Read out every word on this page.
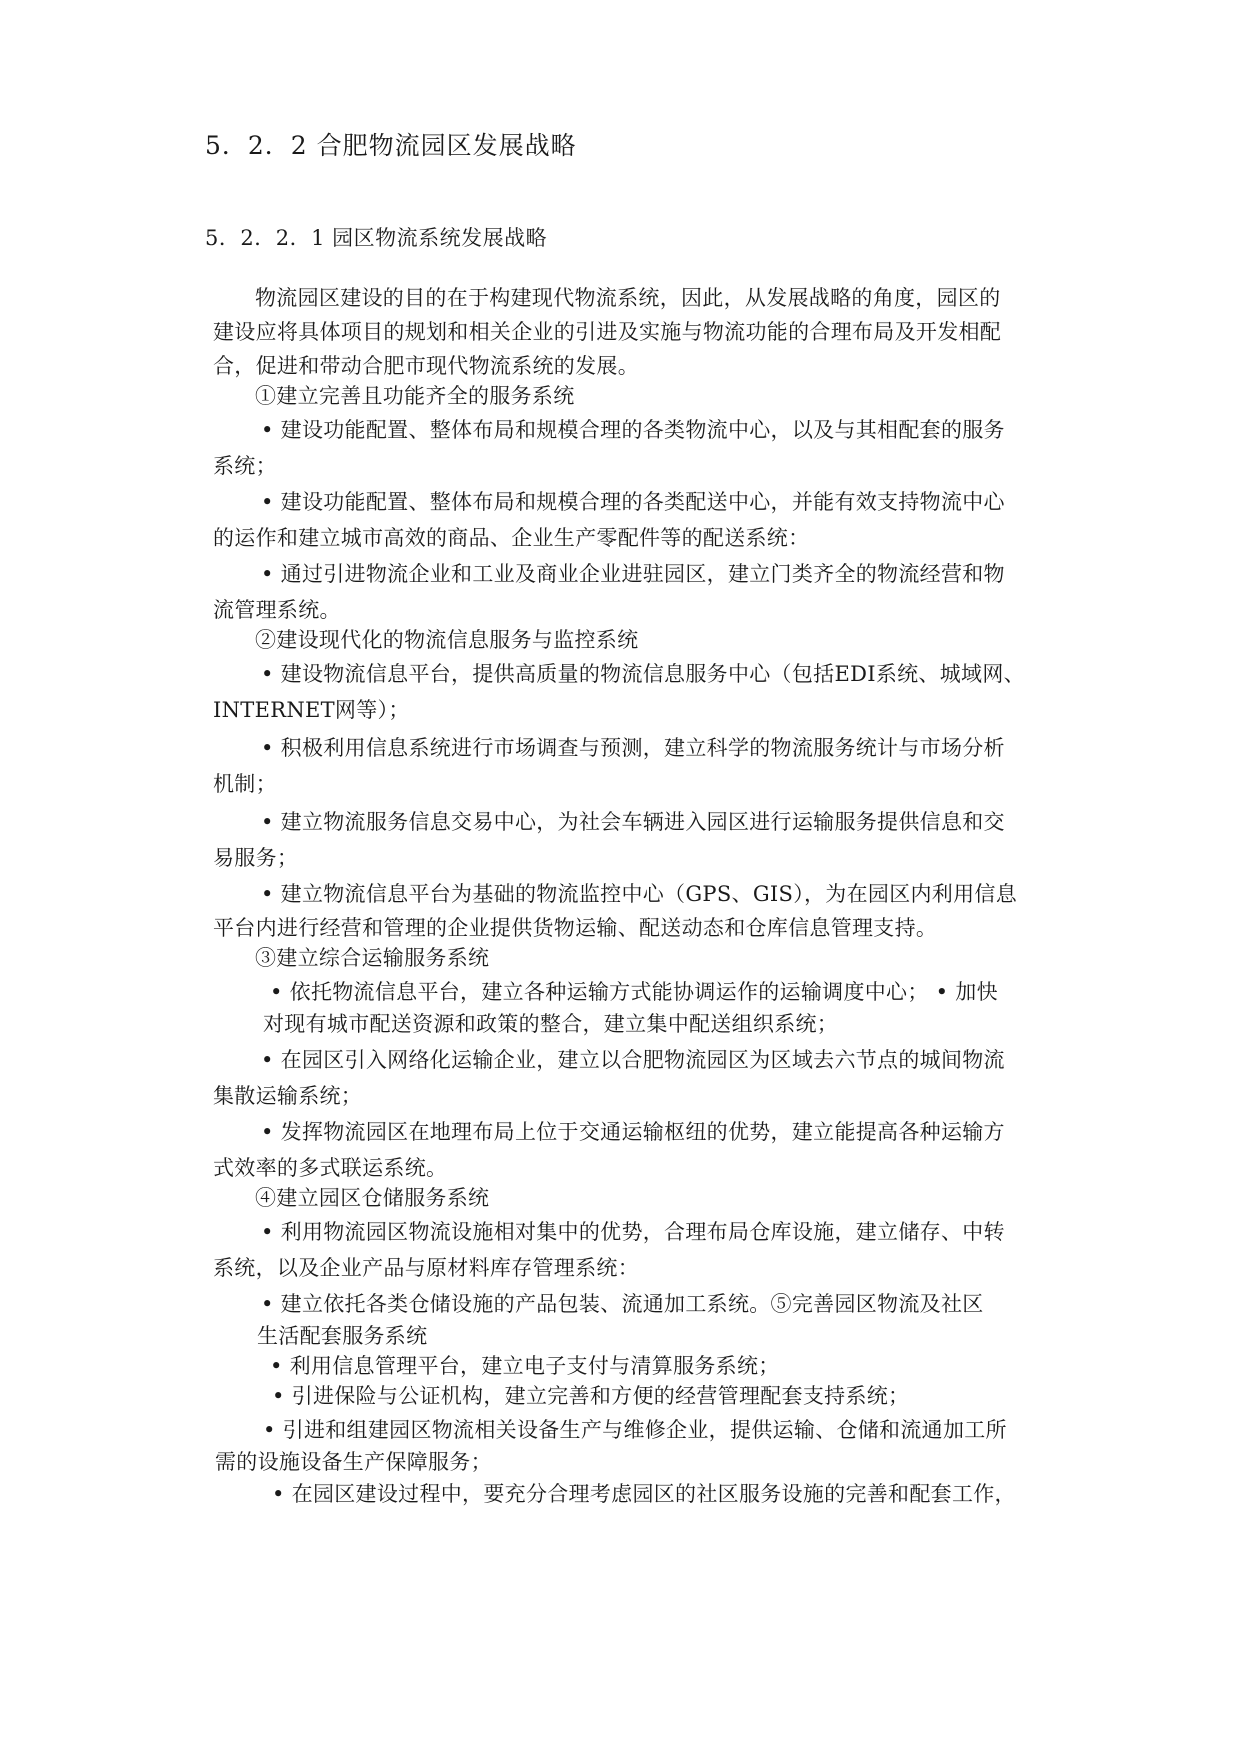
5．2．2 合肥物流园区发展战略
5．2．2．1 园区物流系统发展战略
物流园区建设的目的在于构建现代物流系统，因此，从发展战略的角度，园区的
建设应将具体项目的规划和相关企业的引进及实施与物流功能的合理布局及开发相配
合，促进和带动合肥市现代物流系统的发展。
①建立完善且功能齐全的服务系统
• 建设功能配置、整体布局和规模合理的各类物流中心，以及与其相配套的服务
系统；
• 建设功能配置、整体布局和规模合理的各类配送中心，并能有效支持物流中心
的运作和建立城市高效的商品、企业生产零配件等的配送系统：
• 通过引进物流企业和工业及商业企业进驻园区，建立门类齐全的物流经营和物
流管理系统。
②建设现代化的物流信息服务与监控系统
• 建设物流信息平台，提供高质量的物流信息服务中心（包括EDI系统、城域网、
INTERNET网等）；
• 积极利用信息系统进行市场调查与预测，建立科学的物流服务统计与市场分析
机制；
• 建立物流服务信息交易中心，为社会车辆进入园区进行运输服务提供信息和交
易服务；
• 建立物流信息平台为基础的物流监控中心（GPS、GIS），为在园区内利用信息
平台内进行经营和管理的企业提供货物运输、配送动态和仓库信息管理支持。
③建立综合运输服务系统
• 依托物流信息平台，建立各种运输方式能协调运作的运输调度中心； • 加快
对现有城市配送资源和政策的整合，建立集中配送组织系统；
• 在园区引入网络化运输企业，建立以合肥物流园区为区域去六节点的城间物流
集散运输系统；
• 发挥物流园区在地理布局上位于交通运输枢纽的优势，建立能提高各种运输方
式效率的多式联运系统。
④建立园区仓储服务系统
• 利用物流园区物流设施相对集中的优势，合理布局仓库设施，建立储存、中转
系统，以及企业产品与原材料库存管理系统：
• 建立依托各类仓储设施的产品包装、流通加工系统。⑤完善园区物流及社区
生活配套服务系统
• 利用信息管理平台，建立电子支付与清算服务系统；
• 引进保险与公证机构，建立完善和方便的经营管理配套支持系统；
• 引进和组建园区物流相关设备生产与维修企业，提供运输、仓储和流通加工所
需的设施设备生产保障服务；
• 在园区建设过程中，要充分合理考虑园区的社区服务设施的完善和配套工作，
